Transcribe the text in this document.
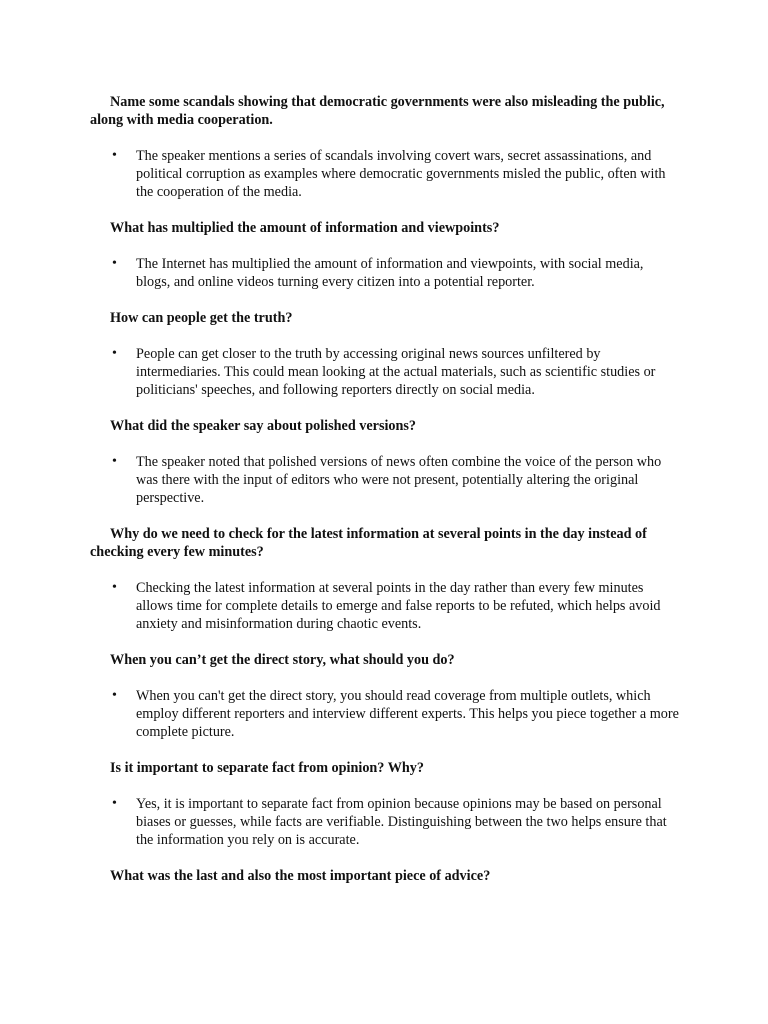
Name some scandals showing that democratic governments were also misleading the public, along with media cooperation.

• The speaker mentions a series of scandals involving covert wars, secret assassinations, and political corruption as examples where democratic governments misled the public, often with the cooperation of the media.

What has multiplied the amount of information and viewpoints?

• The Internet has multiplied the amount of information and viewpoints, with social media, blogs, and online videos turning every citizen into a potential reporter.

How can people get the truth?

• People can get closer to the truth by accessing original news sources unfiltered by intermediaries. This could mean looking at the actual materials, such as scientific studies or politicians' speeches, and following reporters directly on social media.

What did the speaker say about polished versions?

• The speaker noted that polished versions of news often combine the voice of the person who was there with the input of editors who were not present, potentially altering the original perspective.

Why do we need to check for the latest information at several points in the day instead of checking every few minutes?

• Checking the latest information at several points in the day rather than every few minutes allows time for complete details to emerge and false reports to be refuted, which helps avoid anxiety and misinformation during chaotic events.

When you can’t get the direct story, what should you do?

• When you can't get the direct story, you should read coverage from multiple outlets, which employ different reporters and interview different experts. This helps you piece together a more complete picture.

Is it important to separate fact from opinion? Why?

• Yes, it is important to separate fact from opinion because opinions may be based on personal biases or guesses, while facts are verifiable. Distinguishing between the two helps ensure that the information you rely on is accurate.

What was the last and also the most important piece of advice?
